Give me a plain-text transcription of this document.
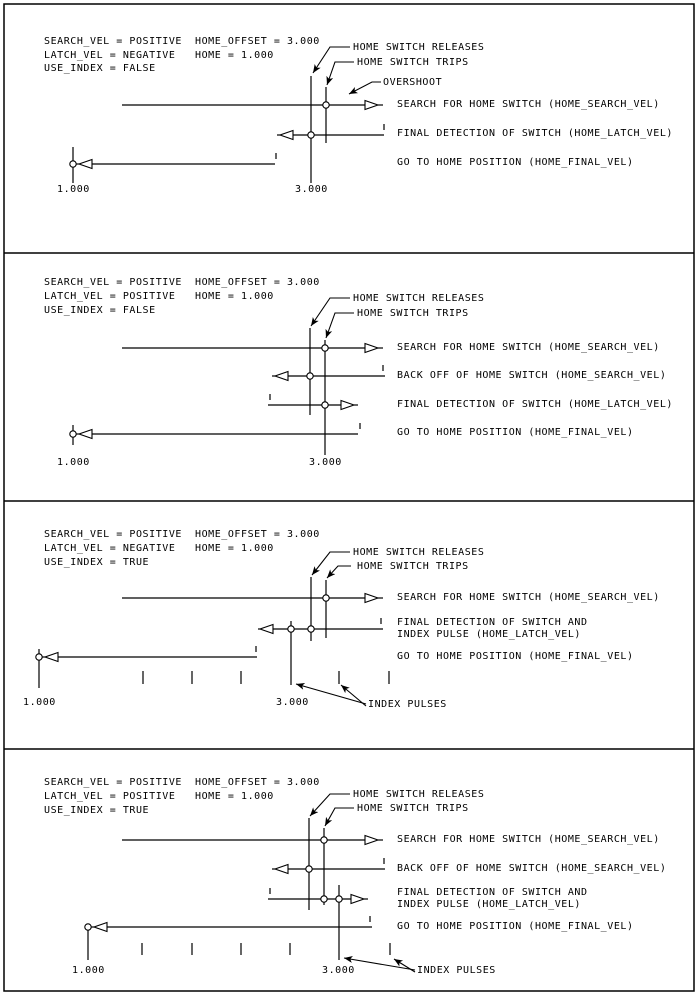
SEARCH_VEL = POSITIVE HOME_OFFSET = 3.000
LATCH_VEL = NEGATIVE HOME = 1.000
USE_INDEX = FALSE
HOME SWITCH RELEASES
HOME SWITCH TRIPS
OVERSHOOT
SEARCH FOR HOME SWITCH (HOME_SEARCH_VEL)
FINAL DETECTION OF SWITCH (HOME_LATCH_VEL)
GO TO HOME POSITION (HOME_FINAL_VEL)
1.000	3.000
SEARCH_VEL = POSITIVE HOME_OFFSET = 3.000
LATCH_VEL = POSITIVE HOME = 1.000
USE_INDEX = FALSE
HOME SWITCH RELEASES
HOME SWITCH TRIPS
SEARCH FOR HOME SWITCH (HOME_SEARCH_VEL)
BACK OFF OF HOME SWITCH (HOME_SEARCH_VEL)
FINAL DETECTION OF SWITCH (HOME_LATCH_VEL)
GO TO HOME POSITION (HOME_FINAL_VEL)
1.000	3.000
SEARCH_VEL = POSITIVE HOME_OFFSET = 3.000
LATCH_VEL = NEGATIVE HOME = 1.000
USE_INDEX = TRUE
HOME SWITCH RELEASES
HOME SWITCH TRIPS
SEARCH FOR HOME SWITCH (HOME_SEARCH_VEL)
FINAL DETECTION OF SWITCH AND
INDEX PULSE (HOME_LATCH_VEL)
GO TO HOME POSITION (HOME_FINAL_VEL)
1.000	3.000	INDEX PULSES
SEARCH_VEL = POSITIVE HOME_OFFSET = 3.000
LATCH_VEL = POSITIVE HOME = 1.000
USE_INDEX = TRUE
HOME SWITCH RELEASES
HOME SWITCH TRIPS
SEARCH FOR HOME SWITCH (HOME_SEARCH_VEL)
BACK OFF OF HOME SWITCH (HOME_SEARCH_VEL)
FINAL DETECTION OF SWITCH AND
INDEX PULSE (HOME_LATCH_VEL)
GO TO HOME POSITION (HOME_FINAL_VEL)
1.000	3.000	INDEX PULSES
